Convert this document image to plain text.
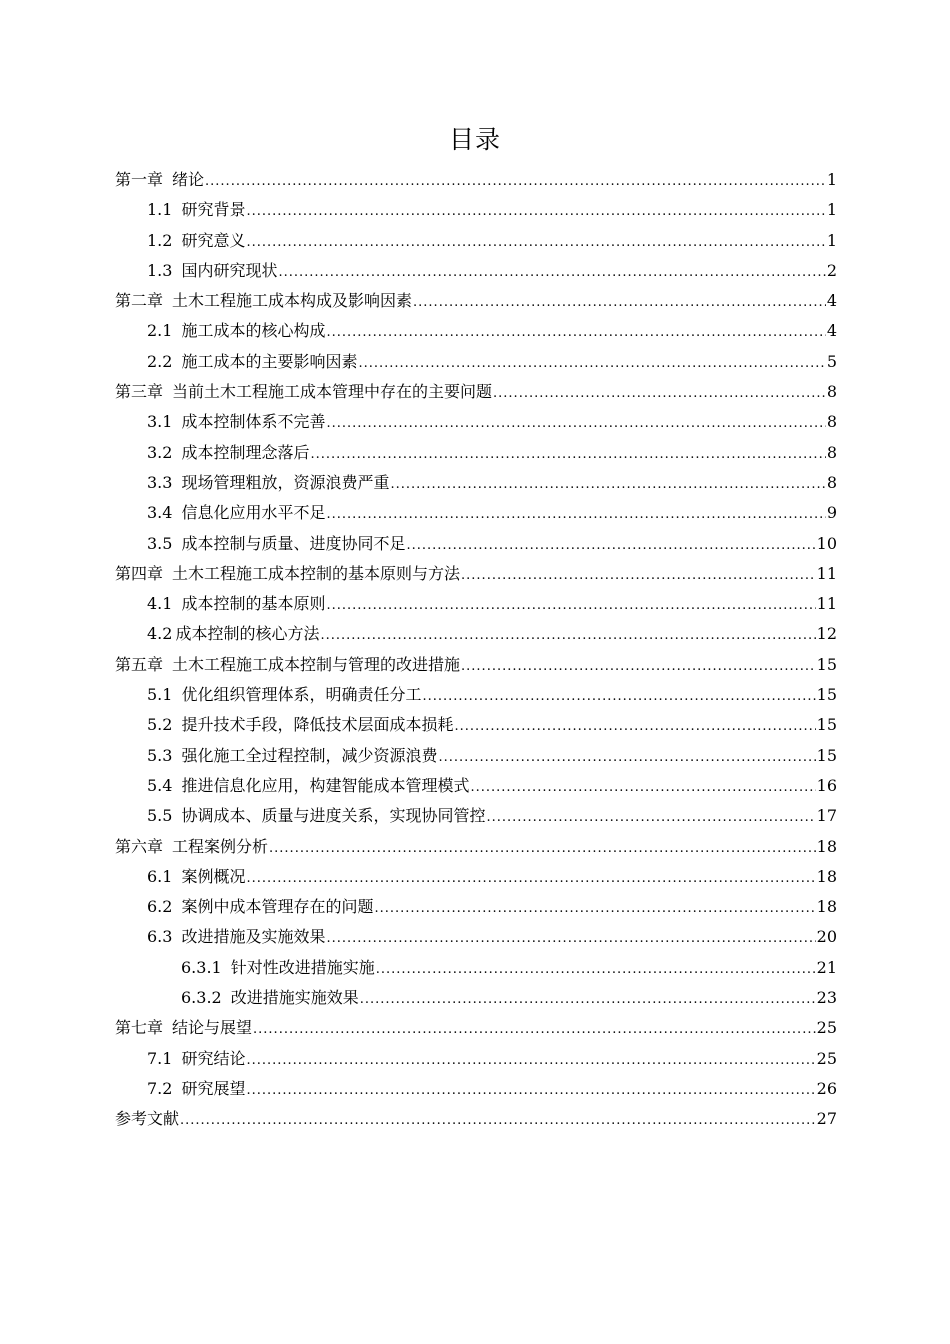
目录
第一章 绪论 .....	1
1.1 研究背景 .....	1
1.2 研究意义 .....	1
1.3 国内研究现状 .....	2
第二章 土木工程施工成本构成及影响因素 .....	4
2.1 施工成本的核心构成 .....	4
2.2 施工成本的主要影响因素 .....	5
第三章 当前土木工程施工成本管理中存在的主要问题 .....	8
3.1 成本控制体系不完善 .....	8
3.2 成本控制理念落后 .....	8
3.3 现场管理粗放，资源浪费严重 .....	8
3.4 信息化应用水平不足 .....	9
3.5 成本控制与质量、进度协同不足 .....	10
第四章 土木工程施工成本控制的基本原则与方法 .....	11
4.1 成本控制的基本原则 .....	11
4.2 成本控制的核心方法 .....	12
第五章 土木工程施工成本控制与管理的改进措施 .....	15
5.1 优化组织管理体系，明确责任分工 .....	15
5.2 提升技术手段，降低技术层面成本损耗 .....	15
5.3 强化施工全过程控制，减少资源浪费 .....	15
5.4 推进信息化应用，构建智能成本管理模式 .....	16
5.5 协调成本、质量与进度关系，实现协同管控 .....	17
第六章 工程案例分析 .....	18
6.1 案例概况 .....	18
6.2 案例中成本管理存在的问题 .....	18
6.3 改进措施及实施效果 .....	20
6.3.1 针对性改进措施实施 .....	21
6.3.2 改进措施实施效果 .....	23
第七章 结论与展望 .....	25
7.1 研究结论 .....	25
7.2 研究展望 .....	26
参考文献 .....	27
